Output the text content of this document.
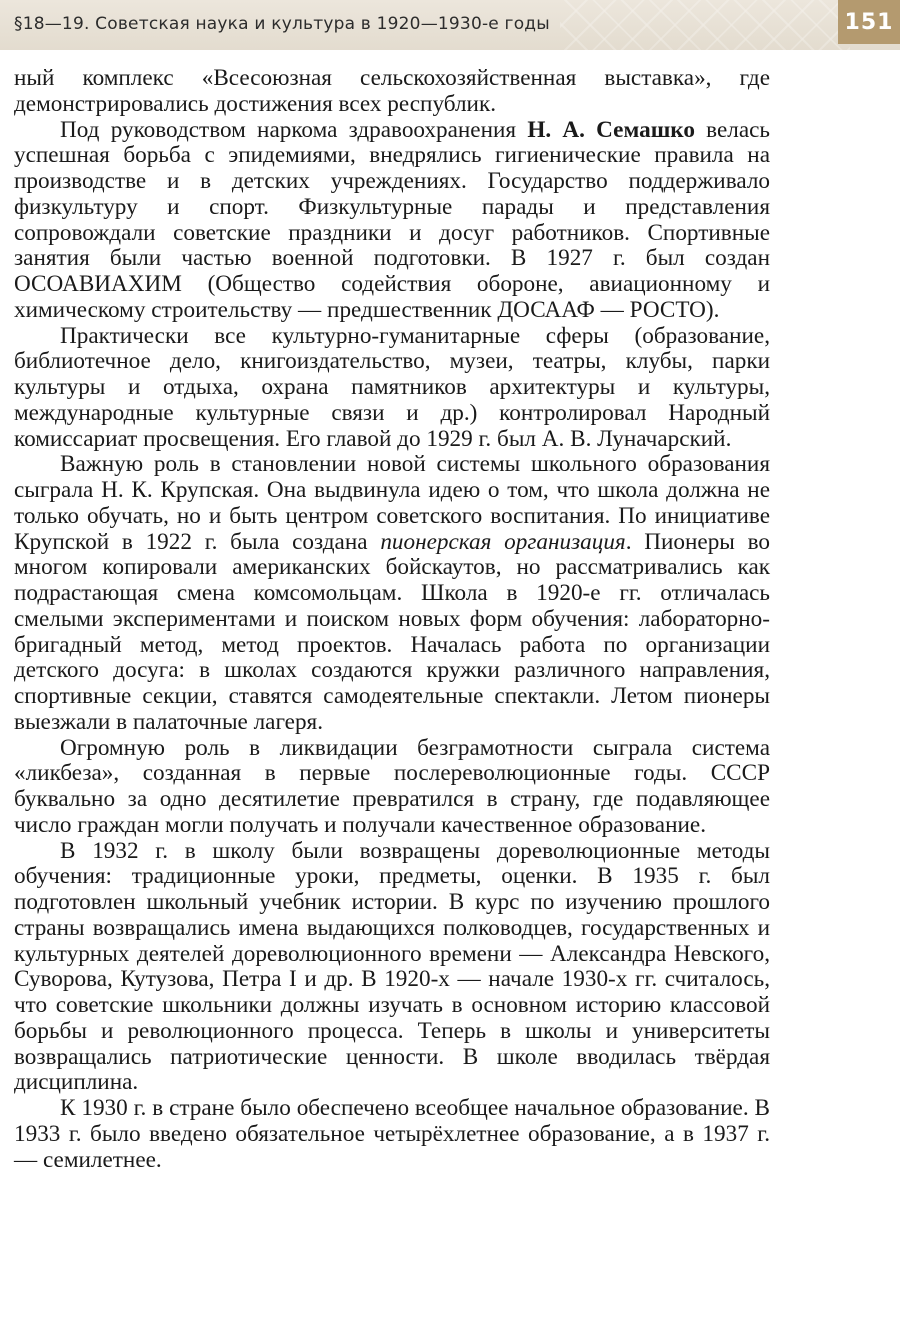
§18—19. Советская наука и культура в 1920—1930-е годы	151

ный комплекс «Всесоюзная сельскохозяйственная выставка», где демонстрировались достижения всех республик.

Под руководством наркома здравоохранения Н. А. Семашко велась успешная борьба с эпидемиями, внедрялись гигиенические правила на производстве и в детских учреждениях. Государство поддерживало физкультуру и спорт. Физкультурные парады и представления сопровождали советские праздники и досуг работников. Спортивные занятия были частью военной подготовки. В 1927 г. был создан ОСОАВИАХИМ (Общество содействия обороне, авиационному и химическому строительству — предшественник ДОСААФ — РОСТО).

Практически все культурно-гуманитарные сферы (образование, библиотечное дело, книгоиздательство, музеи, театры, клубы, парки культуры и отдыха, охрана памятников архитектуры и культуры, международные культурные связи и др.) контролировал Народный комиссариат просвещения. Его главой до 1929 г. был А. В. Луначарский.

Важную роль в становлении новой системы школьного образования сыграла Н. К. Крупская. Она выдвинула идею о том, что школа должна не только обучать, но и быть центром советского воспитания. По инициативе Крупской в 1922 г. была создана пионерская организация. Пионеры во многом копировали американских бойскаутов, но рассматривались как подрастающая смена комсомольцам. Школа в 1920-е гг. отличалась смелыми экспериментами и поиском новых форм обучения: лабораторно-бригадный метод, метод проектов. Началась работа по организации детского досуга: в школах создаются кружки различного направления, спортивные секции, ставятся самодеятельные спектакли. Летом пионеры выезжали в палаточные лагеря.

Огромную роль в ликвидации безграмотности сыграла система «ликбеза», созданная в первые послереволюционные годы. СССР буквально за одно десятилетие превратился в страну, где подавляющее число граждан могли получать и получали качественное образование.

В 1932 г. в школу были возвращены дореволюционные методы обучения: традиционные уроки, предметы, оценки. В 1935 г. был подготовлен школьный учебник истории. В курс по изучению прошлого страны возвращались имена выдающихся полководцев, государственных и культурных деятелей дореволюционного времени — Александра Невского, Суворова, Кутузова, Петра I и др. В 1920-х — начале 1930-х гг. считалось, что советские школьники должны изучать в основном историю классовой борьбы и революционного процесса. Теперь в школы и университеты возвращались патриотические ценности. В школе вводилась твёрдая дисциплина.

К 1930 г. в стране было обеспечено всеобщее начальное образование. В 1933 г. было введено обязательное четырёхлетнее образование, а в 1937 г. — семилетнее.
